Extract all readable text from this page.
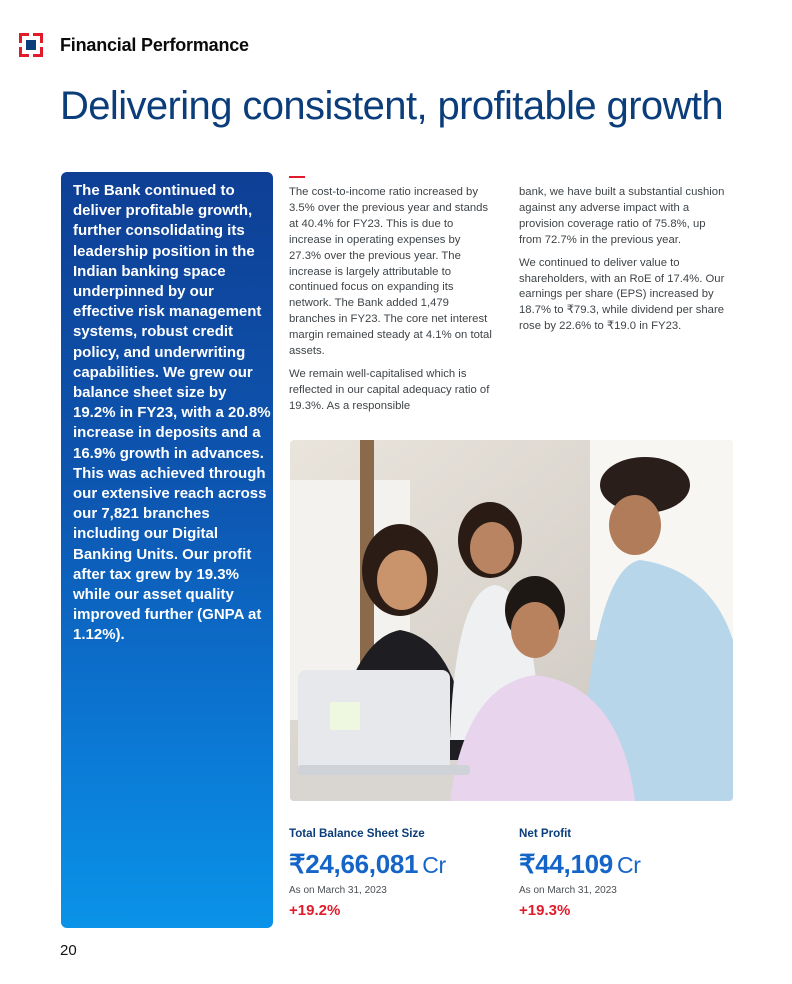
Financial Performance
Delivering consistent, profitable growth
The Bank continued to deliver profitable growth, further consolidating its leadership position in the Indian banking space underpinned by our effective risk management systems, robust credit policy, and underwriting capabilities. We grew our balance sheet size by 19.2% in FY23, with a 20.8% increase in deposits and a 16.9% growth in advances. This was achieved through our extensive reach across our 7,821 branches including our Digital Banking Units. Our profit after tax grew by 19.3% while our asset quality improved further (GNPA at 1.12%).

The cost-to-income ratio increased by 3.5% over the previous year and stands at 40.4% for FY23. This is due to increase in operating expenses by 27.3% over the previous year. The increase is largely attributable to continued focus on expanding its network. The Bank added 1,479 branches in FY23. The core net interest margin remained steady at 4.1% on total assets.

We remain well-capitalised which is reflected in our capital adequacy ratio of 19.3%. As a responsible

bank, we have built a substantial cushion against any adverse impact with a provision coverage ratio of 75.8%, up from 72.7% in the previous year.

We continued to deliver value to shareholders, with an RoE of 17.4%. Our earnings per share (EPS) increased by 18.7% to ₹79.3, while dividend per share rose by 22.6% to ₹19.0 in FY23.

Total Balance Sheet Size
₹24,66,081 Cr
As on March 31, 2023
+19.2%
Net Profit
₹44,109 Cr
As on March 31, 2023
+19.3%
20
